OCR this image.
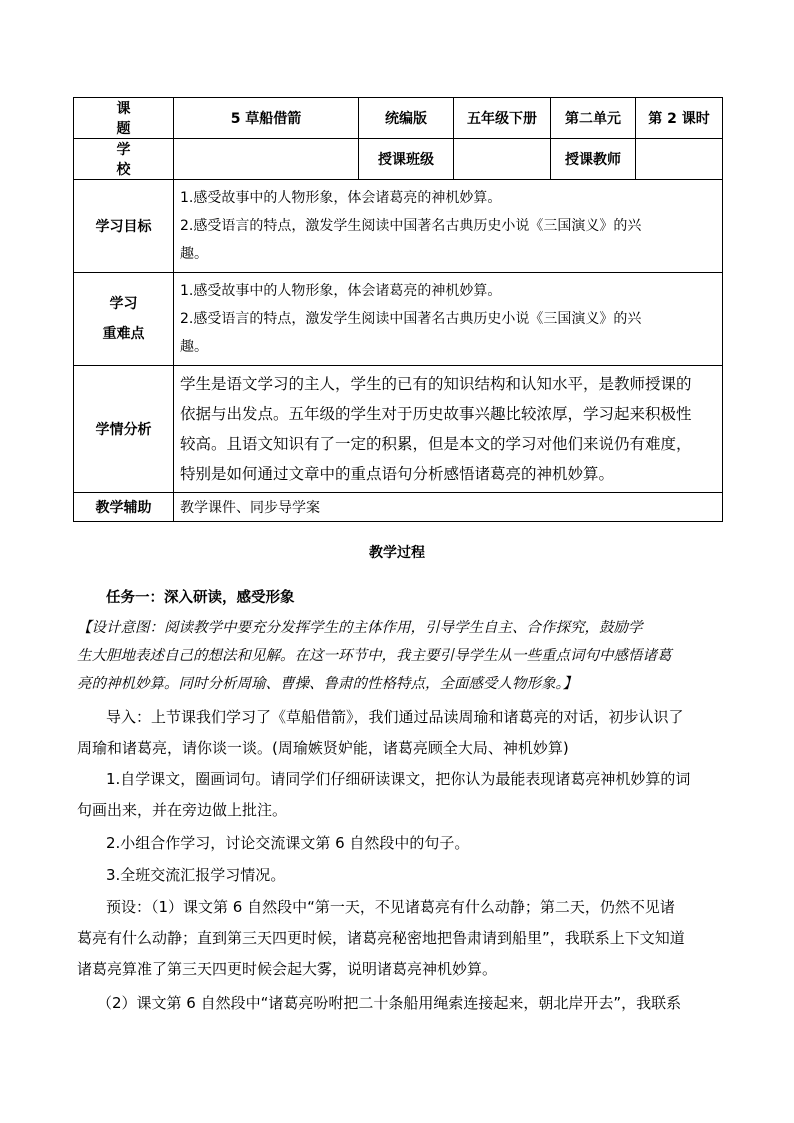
课 题	5 草船借箭	统编版	五年级下册	第二单元	第 2 课时
学 校		授课班级		授课教师	
学习目标	1.感受故事中的人物形象，体会诸葛亮的神机妙算。
2.感受语言的特点，激发学生阅读中国著名古典历史小说《三国演义》的兴
趣。				

学习
重难点	1.感受故事中的人物形象，体会诸葛亮的神机妙算。
2.感受语言的特点，激发学生阅读中国著名古典历史小说《三国演义》的兴
趣。				

学情分析	学生是语文学习的主人，学生的已有的知识结构和认知水平，是教师授课的
依据与出发点。五年级的学生对于历史故事兴趣比较浓厚，学习起来积极性
较高。且语文知识有了一定的积累，但是本文的学习对他们来说仍有难度，
特别是如何通过文章中的重点语句分析感悟诸葛亮的神机妙算。				

教学辅助	教学课件、同步导学案				
教学过程
任务一：深入研读，感受形象
【设计意图：阅读教学中要充分发挥学生的主体作用，引导学生自主、合作探究，鼓励学
生大胆地表述自己的想法和见解。在这一环节中，我主要引导学生从一些重点词句中感悟诸葛
亮的神机妙算。同时分析周瑜、曹操、鲁肃的性格特点，全面感受人物形象。】
导入：上节课我们学习了《草船借箭》，我们通过品读周瑜和诸葛亮的对话，初步认识了
周瑜和诸葛亮，请你谈一谈。(周瑜嫉贤妒能，诸葛亮顾全大局、神机妙算)
1.自学课文，圈画词句。请同学们仔细研读课文，把你认为最能表现诸葛亮神机妙算的词
句画出来，并在旁边做上批注。
2.小组合作学习，讨论交流课文第 6 自然段中的句子。
3.全班交流汇报学习情况。
预设：（1）课文第 6 自然段中“第一天，不见诸葛亮有什么动静；第二天，仍然不见诸
葛亮有什么动静；直到第三天四更时候，诸葛亮秘密地把鲁肃请到船里”，我联系上下文知道
诸葛亮算准了第三天四更时候会起大雾，说明诸葛亮神机妙算。
（2）课文第 6 自然段中“诸葛亮吩咐把二十条船用绳索连接起来，朝北岸开去”，我联系
